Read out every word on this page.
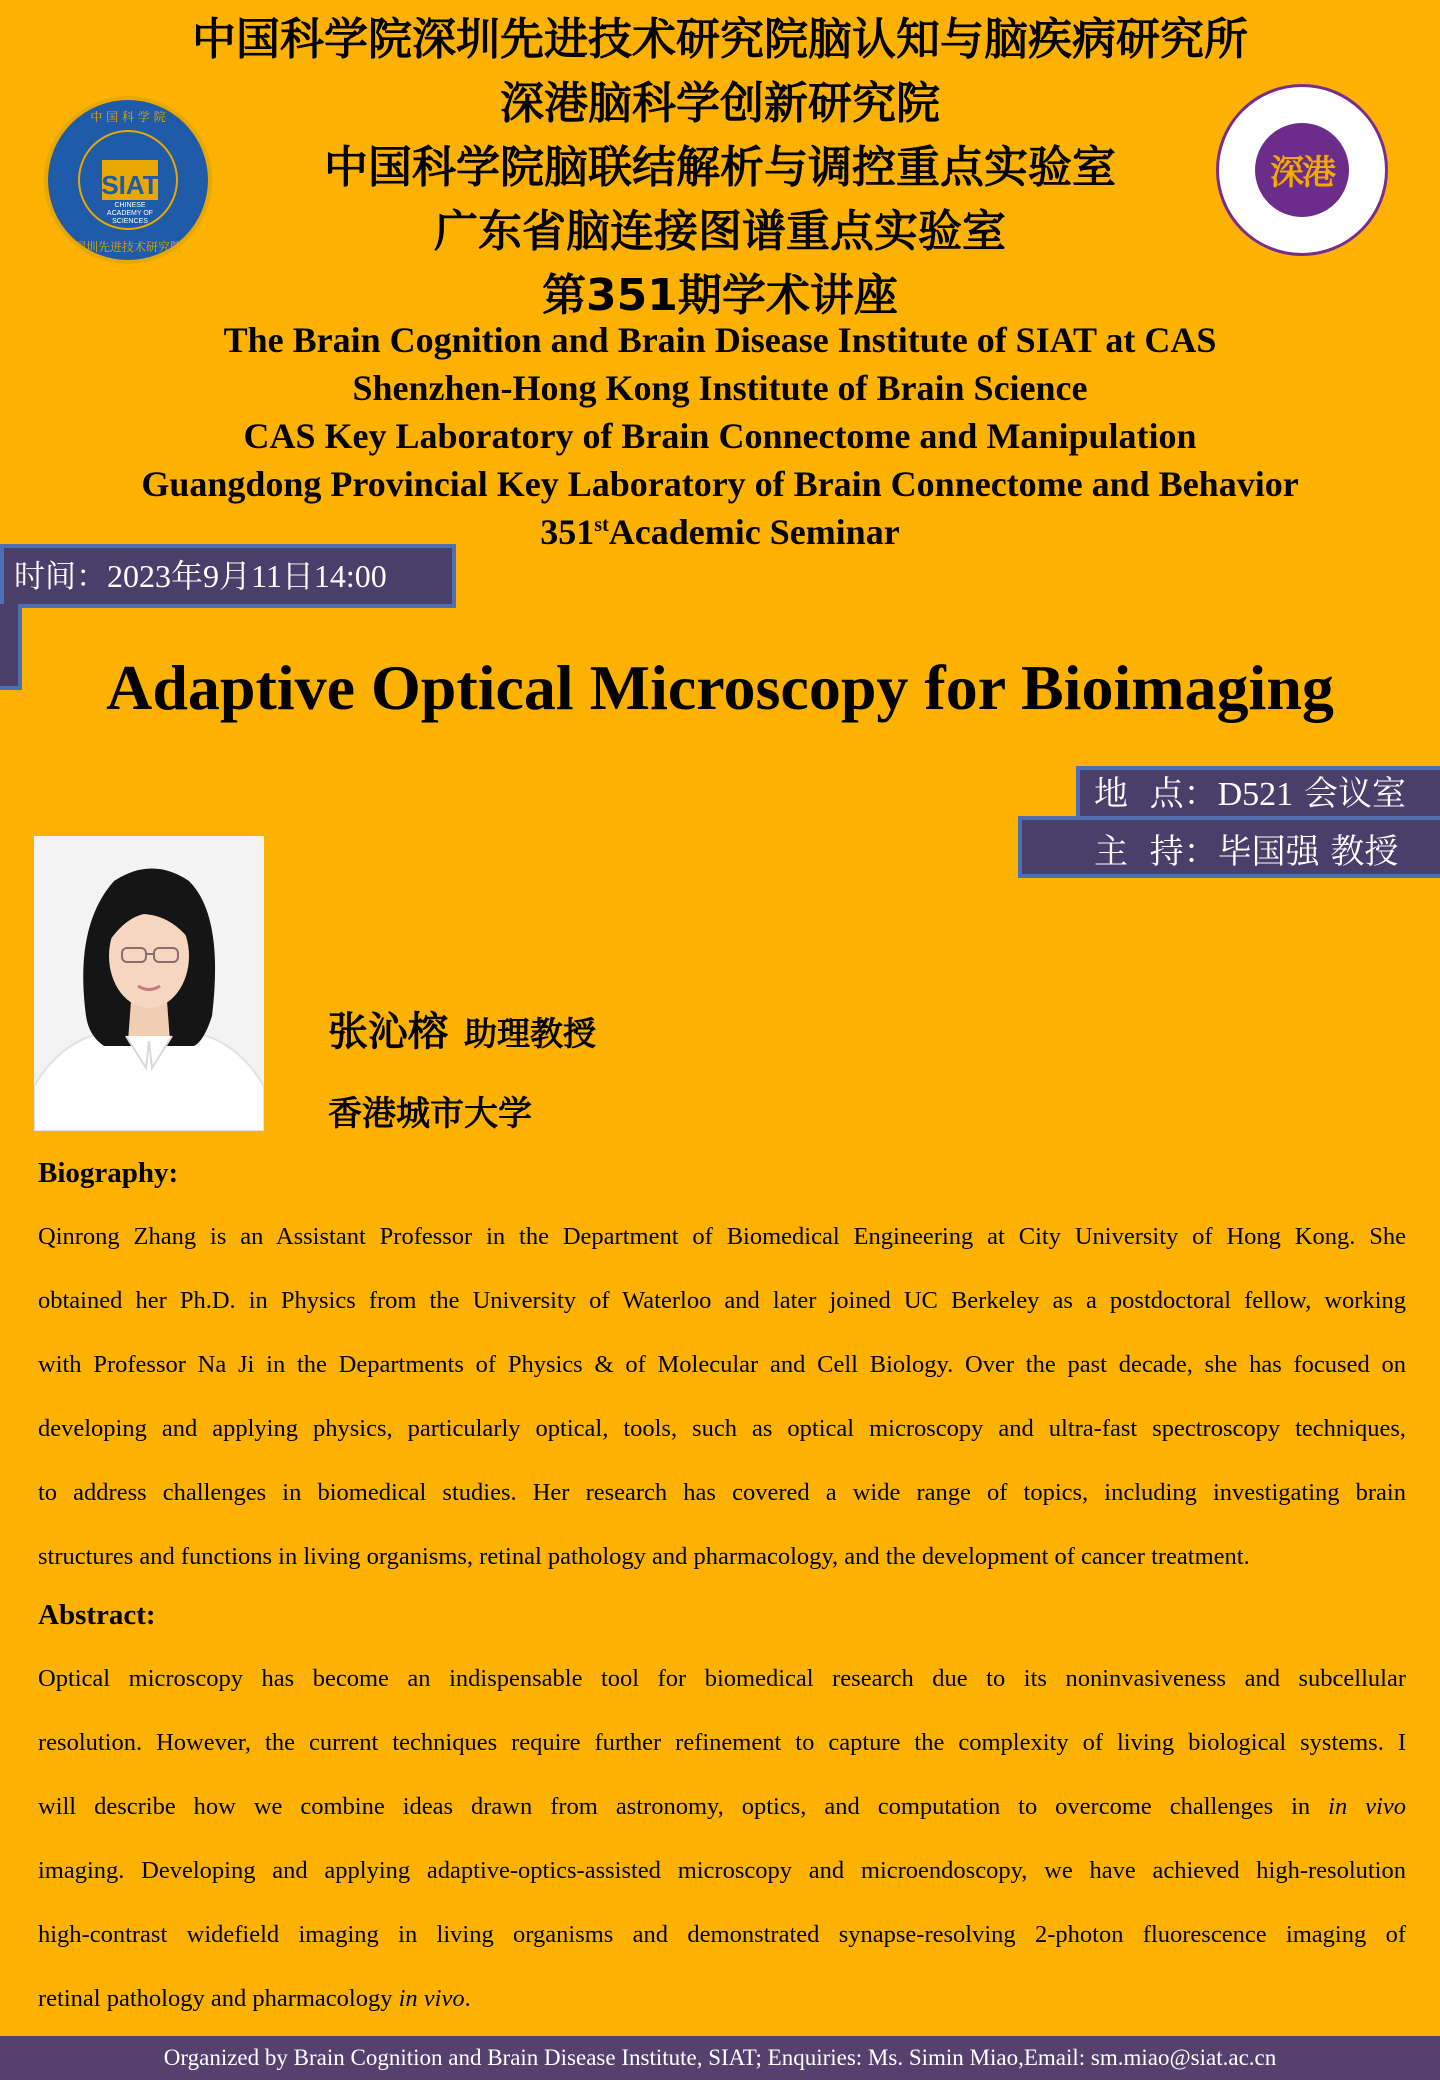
中国科学院深圳先进技术研究院脑认知与脑疾病研究所
深港脑科学创新研究院
中国科学院脑联结解析与调控重点实验室
广东省脑连接图谱重点实验室
第351期学术讲座
中 国 科 学 院
SIAT
CHINESE ACADEMY OF SCIENCES
深圳先进技术研究院
深港
The Brain Cognition and Brain Disease Institute of SIAT at CAS
Shenzhen-Hong Kong Institute of Brain Science
CAS Key Laboratory of Brain Connectome and Manipulation
Guangdong Provincial Key Laboratory of Brain Connectome and Behavior
351stAcademic Seminar
时间：2023年9月11日14:00
Adaptive Optical Microscopy for Bioimaging
地  点：D521 会议室
主  持：毕国强 教授
张沁榕 助理教授
香港城市大学
Biography:
Qinrong Zhang is an Assistant Professor in the Department of Biomedical Engineering at City University of Hong Kong. She
obtained her Ph.D. in Physics from the University of Waterloo and later joined UC Berkeley as a postdoctoral fellow, working
with Professor Na Ji in the Departments of Physics & of Molecular and Cell Biology. Over the past decade, she has focused on
developing and applying physics, particularly optical, tools, such as optical microscopy and ultra-fast spectroscopy techniques,
to address challenges in biomedical studies. Her research has covered a wide range of topics, including investigating brain
structures and functions in living organisms, retinal pathology and pharmacology, and the development of cancer treatment.
Abstract:
Optical microscopy has become an indispensable tool for biomedical research due to its noninvasiveness and subcellular
resolution. However, the current techniques require further refinement to capture the complexity of living biological systems. I
will describe how we combine ideas drawn from astronomy, optics, and computation to overcome challenges in in vivo
imaging. Developing and applying adaptive-optics-assisted microscopy and microendoscopy, we have achieved high-resolution
high-contrast widefield imaging in living organisms and demonstrated synapse-resolving 2-photon fluorescence imaging of
retinal pathology and pharmacology in vivo.
Organized by Brain Cognition and Brain Disease Institute, SIAT; Enquiries: Ms. Simin Miao,Email: sm.miao@siat.ac.cn
